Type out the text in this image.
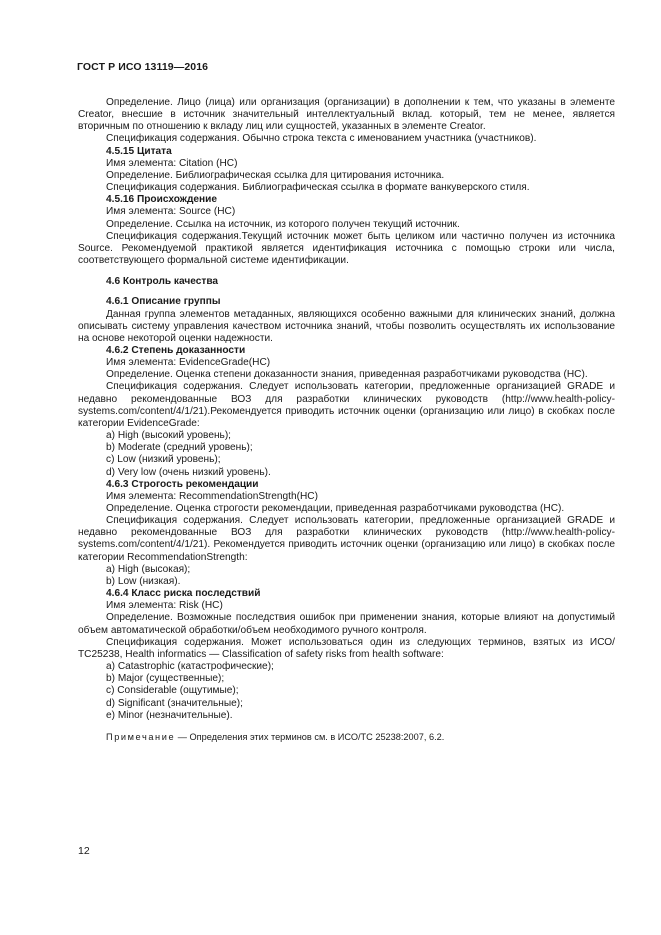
ГОСТ Р ИСО 13119—2016
Определение. Лицо (лица) или организация (организации) в дополнении к тем, что указаны в элементе Creator, внесшие в источник значительный интеллектуальный вклад. который, тем не менее, является вторичным по отношению к вкладу лиц или сущностей, указанных в элементе Creator.
Спецификация содержания. Обычно строка текста с именованием участника (участников).
4.5.15 Цитата
Имя элемента: Citation (НС)
Определение. Библиографическая ссылка для цитирования источника.
Спецификация содержания. Библиографическая ссылка в формате ванкуверского стиля.
4.5.16 Происхождение
Имя элемента: Source (НС)
Определение. Ссылка на источник, из которого получен текущий источник.
Спецификация содержания.Текущий источник может быть целиком или частично получен из источника Source. Рекомендуемой практикой является идентификация источника с помощью строки или числа, соответствующего формальной системе идентификации.
4.6 Контроль качества
4.6.1 Описание группы
Данная группа элементов метаданных, являющихся особенно важными для клинических знаний, должна описывать систему управления качеством источника знаний, чтобы позволить осуществлять их использование на основе некоторой оценки надежности.
4.6.2 Степень доказанности
Имя элемента: EvidenceGrade(НС)
Определение. Оценка степени доказанности знания, приведенная разработчиками руководства (НС).
Спецификация содержания. Следует использовать категории, предложенные организацией GRADE и недавно рекомендованные ВОЗ для разработки клинических руководств (http://www.health-policy-systems.com/content/4/1/21).Рекомендуется приводить источник оценки (организацию или лицо) в скобках после категории EvidenceGrade:
a) High (высокий уровень);
b) Moderate (средний уровень);
c) Low (низкий уровень);
d) Very low (очень низкий уровень).
4.6.3 Строгость рекомендации
Имя элемента: RecommendationStrength(НС)
Определение. Оценка строгости рекомендации, приведенная разработчиками руководства (НС).
Спецификация содержания. Следует использовать категории, предложенные организацией GRADE и недавно рекомендованные ВОЗ для разработки клинических руководств (http://www.health-policy-systems.com/content/4/1/21). Рекомендуется приводить источник оценки (организацию или лицо) в скобках после категории RecommendationStrength:
a) High (высокая);
b) Low (низкая).
4.6.4 Класс риска последствий
Имя элемента: Risk (НС)
Определение. Возможные последствия ошибок при применении знания, которые влияют на допустимый объем автоматической обработки/объем необходимого ручного контроля.
Спецификация содержания. Может использоваться один из следующих терминов, взятых из ИСО/ТС25238, Health informatics — Classification of safety risks from health software:
a) Catastrophic (катастрофические);
b) Major (существенные);
c) Considerable (ощутимые);
d) Significant (значительные);
e) Minor (незначительные).
Примечание — Определения этих терминов см. в ИСО/ТС 25238:2007, 6.2.
12
